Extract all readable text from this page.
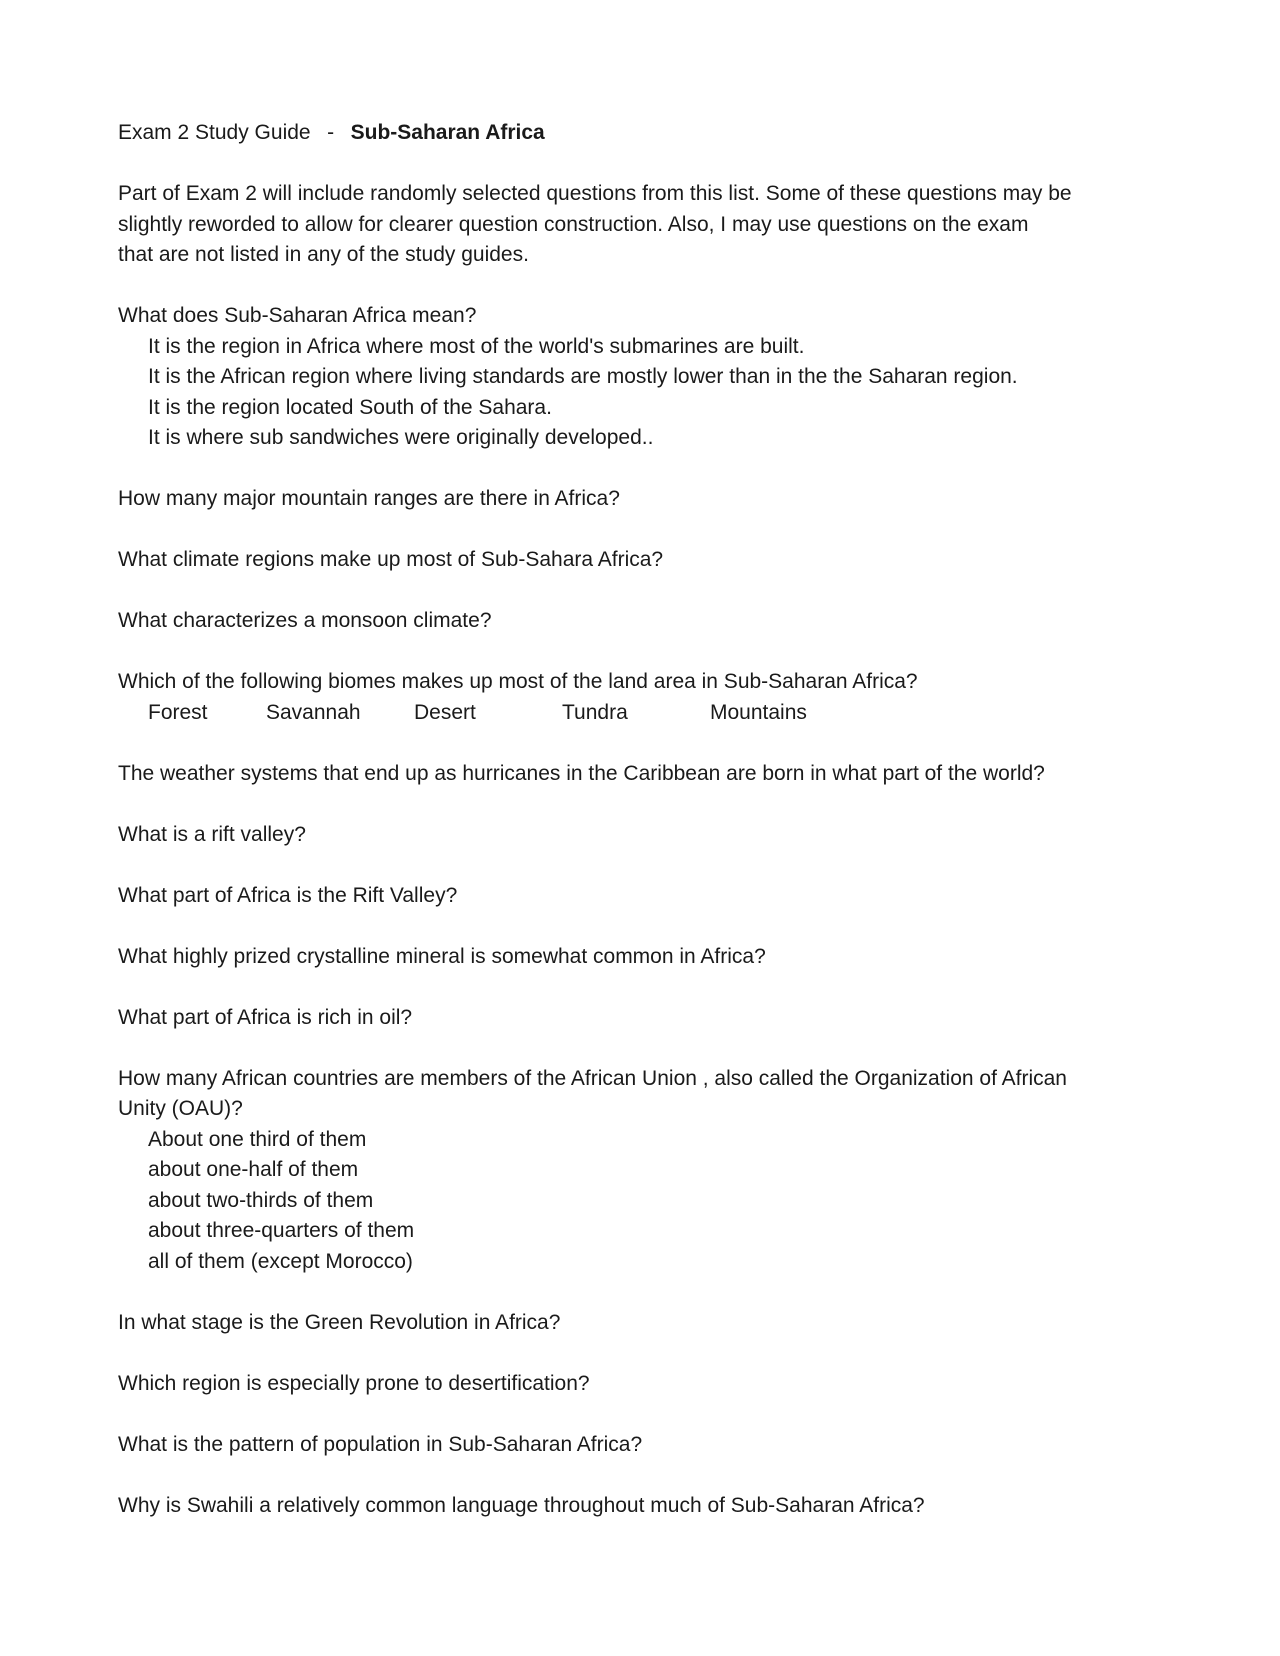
Exam 2 Study Guide - Sub-Saharan Africa
Part of Exam 2 will include randomly selected questions from this list. Some of these questions may be
slightly reworded to allow for clearer question construction. Also, I may use questions on the exam
that are not listed in any of the study guides.
What does Sub-Saharan Africa mean?
It is the region in Africa where most of the world's submarines are built.
It is the African region where living standards are mostly lower than in the the Saharan region.
It is the region located South of the Sahara.
It is where sub sandwiches were originally developed..
How many major mountain ranges are there in Africa?
What climate regions make up most of Sub-Sahara Africa?
What characterizes a monsoon climate?
Which of the following biomes makes up most of the land area in Sub-Saharan Africa?
Forest	Savannah	Desert	Tundra	Mountains
The weather systems that end up as hurricanes in the Caribbean are born in what part of the world?
What is a rift valley?
What part of Africa is the Rift Valley?
What highly prized crystalline mineral is somewhat common in Africa?
What part of Africa is rich in oil?
How many African countries are members of the African Union , also called the Organization of African
Unity (OAU)?
About one third of them
about one-half of them
about two-thirds of them
about three-quarters of them
all of them (except Morocco)
In what stage is the Green Revolution in Africa?
Which region is especially prone to desertification?
What is the pattern of population in Sub-Saharan Africa?
Why is Swahili a relatively common language throughout much of Sub-Saharan Africa?
